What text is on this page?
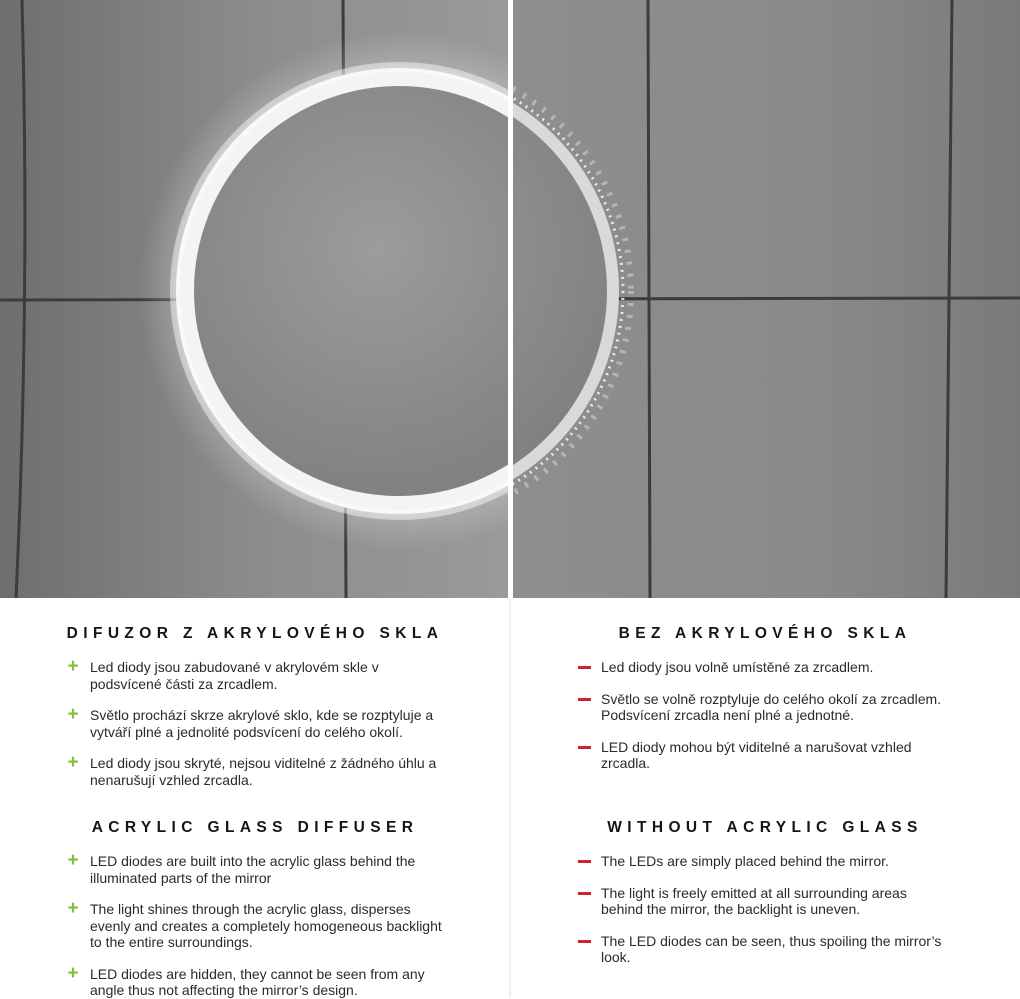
DIFUZOR Z AKRYLOVÉHO SKLA
+ Led diody jsou zabudované v akrylovém skle v podsvícené části za zrcadlem.
+ Světlo prochází skrze akrylové sklo, kde se rozptyluje a vytváří plné a jednolité podsvícení do celého okolí.
+ Led diody jsou skryté, nejsou viditelné z žádného úhlu a nenarušují vzhled zrcadla.
ACRYLIC GLASS DIFFUSER
+ LED diodes are built into the acrylic glass behind the illuminated parts of the mirror
+ The light shines through the acrylic glass, disperses evenly and creates a completely homogeneous backlight to the entire surroundings.
+ LED diodes are hidden, they cannot be seen from any angle thus not affecting the mirror’s design.
BEZ AKRYLOVÉHO SKLA
Led diody jsou volně umístěné za zrcadlem.
Světlo se volně rozptyluje do celého okolí za zrcadlem. Podsvícení zrcadla není plné a jednotné.
LED diody mohou být viditelné a narušovat vzhled zrcadla.
WITHOUT ACRYLIC GLASS
The LEDs are simply placed behind the mirror.
The light is freely emitted at all surrounding areas behind the mirror, the backlight is uneven.
The LED diodes can be seen, thus spoiling the mirror’s look.
